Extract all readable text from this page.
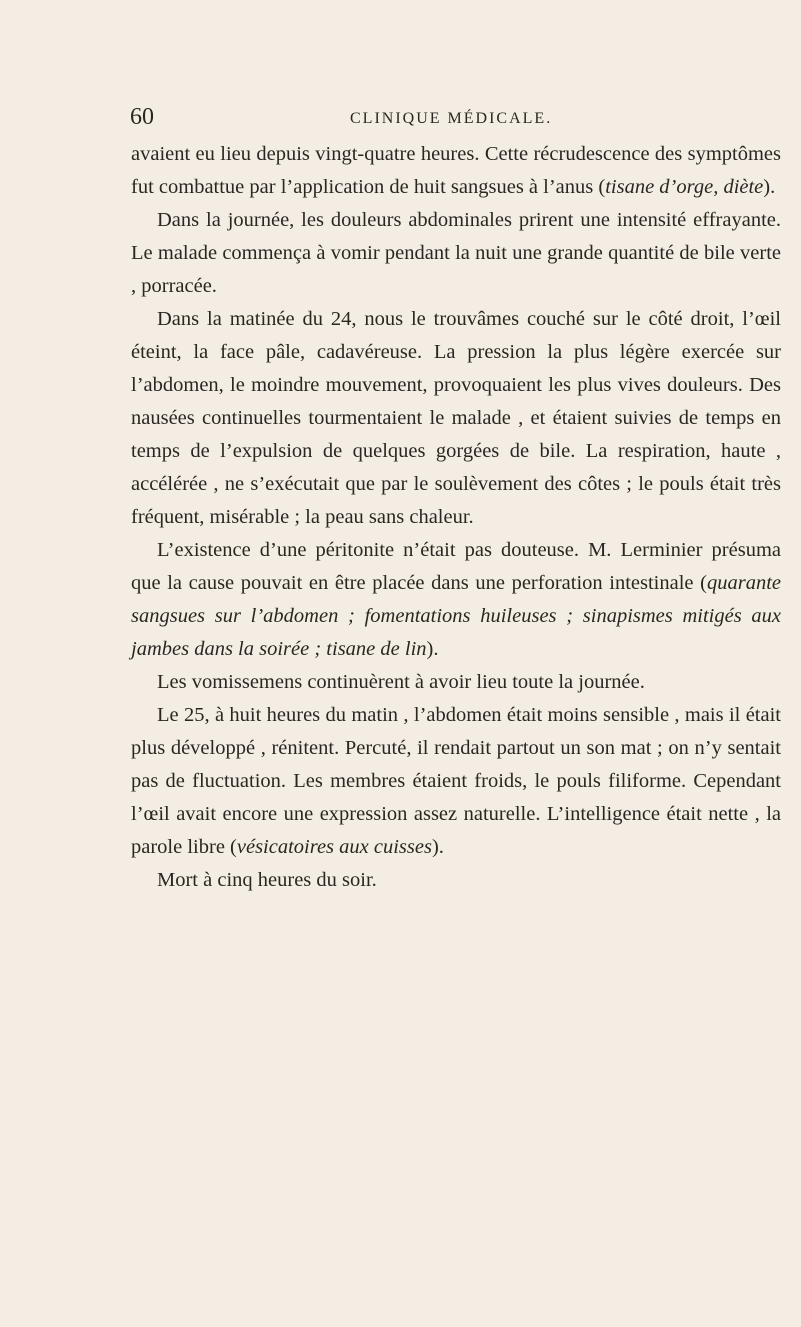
60	CLINIQUE MÉDICALE.

avaient eu lieu depuis vingt-quatre heures. Cette récrudescence des symptômes fut combattue par l’application de huit sangsues à l’anus (tisane d’orge, diète).

Dans la journée, les douleurs abdominales prirent une intensité effrayante. Le malade commença à vomir pendant la nuit une grande quantité de bile verte , porracée.

Dans la matinée du 24, nous le trouvâmes couché sur le côté droit, l’œil éteint, la face pâle, cadavéreuse. La pression la plus légère exercée sur l’abdomen, le moindre mouvement, provoquaient les plus vives douleurs. Des nausées continuelles tourmentaient le malade , et étaient suivies de temps en temps de l’expulsion de quelques gorgées de bile. La respiration, haute , accélérée , ne s’exécutait que par le soulèvement des côtes ; le pouls était très fréquent, misérable ; la peau sans chaleur.

L’existence d’une péritonite n’était pas douteuse. M. Lerminier présuma que la cause pouvait en être placée dans une perforation intestinale (quarante sangsues sur l’abdomen ; fomentations huileuses ; sinapismes mitigés aux jambes dans la soirée ; tisane de lin).

Les vomissemens continuèrent à avoir lieu toute la journée.

Le 25, à huit heures du matin , l’abdomen était moins sensible , mais il était plus développé , rénitent. Percuté, il rendait partout un son mat ; on n’y sentait pas de fluctuation. Les membres étaient froids, le pouls filiforme. Cependant l’œil avait encore une expression assez naturelle. L’intelligence était nette , la parole libre (vésicatoires aux cuisses).

Mort à cinq heures du soir.
